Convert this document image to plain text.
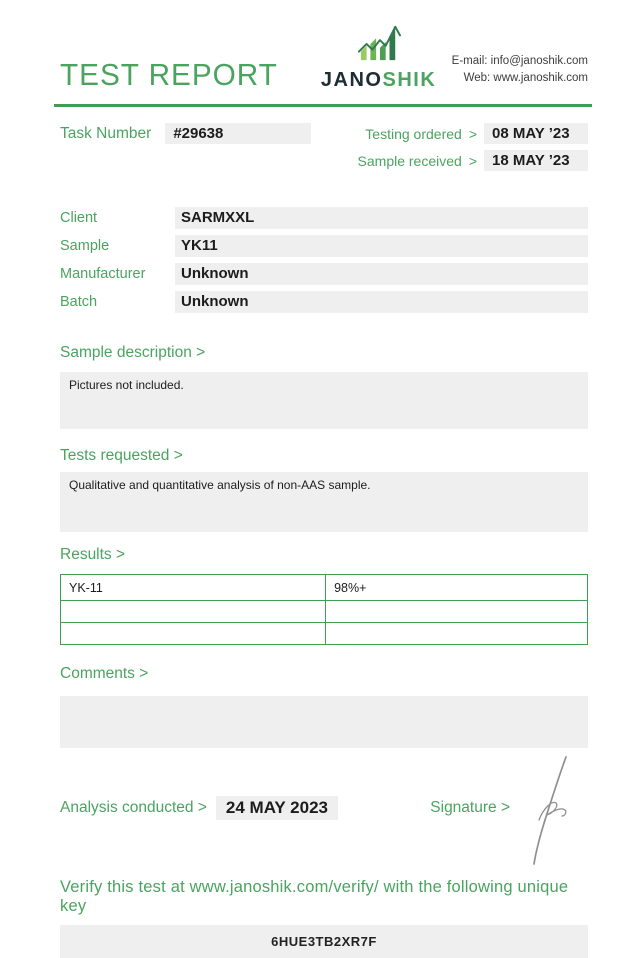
TEST REPORT JANOSHIK
E-mail: info@janoshik.com
Web: www.janoshik.com
Task Number	#29638	Testing ordered >	08 MAY ’23
Sample received >	18 MAY ’23
Client	SARMXXL
Sample	YK11
Manufacturer	Unknown
Batch	Unknown
Sample description >
Pictures not included.
Tests requested >
Qualitative and quantitative analysis of non-AAS sample.
Results >
YK-11	98%+

Comments >
Analysis conducted >	24 MAY 2023	Signature >
Verify this test at www.janoshik.com/verify/ with the following unique key
6HUE3TB2XR7F
